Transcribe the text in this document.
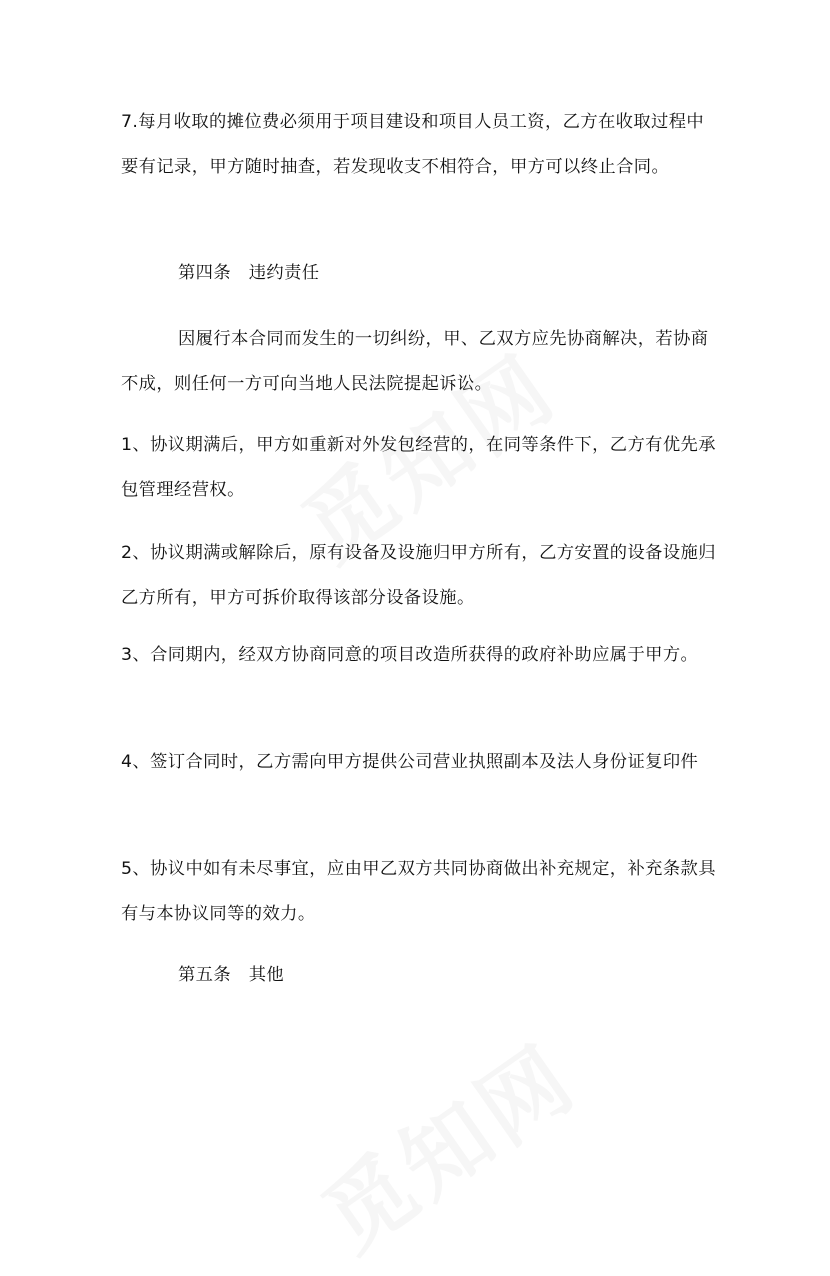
7.每月收取的摊位费必须用于项目建设和项目人员工资，乙方在收取过程中要有记录，甲方随时抽查，若发现收支不相符合，甲方可以终止合同。

第四条　违约责任

因履行本合同而发生的一切纠纷，甲、乙双方应先协商解决，若协商不成，则任何一方可向当地人民法院提起诉讼。

1、协议期满后，甲方如重新对外发包经营的，在同等条件下，乙方有优先承包管理经营权。

2、协议期满或解除后，原有设备及设施归甲方所有，乙方安置的设备设施归乙方所有，甲方可拆价取得该部分设备设施。

3、合同期内，经双方协商同意的项目改造所获得的政府补助应属于甲方。

4、签订合同时，乙方需向甲方提供公司营业执照副本及法人身份证复印件

5、协议中如有未尽事宜，应由甲乙双方共同协商做出补充规定，补充条款具有与本协议同等的效力。

第五条　其他
